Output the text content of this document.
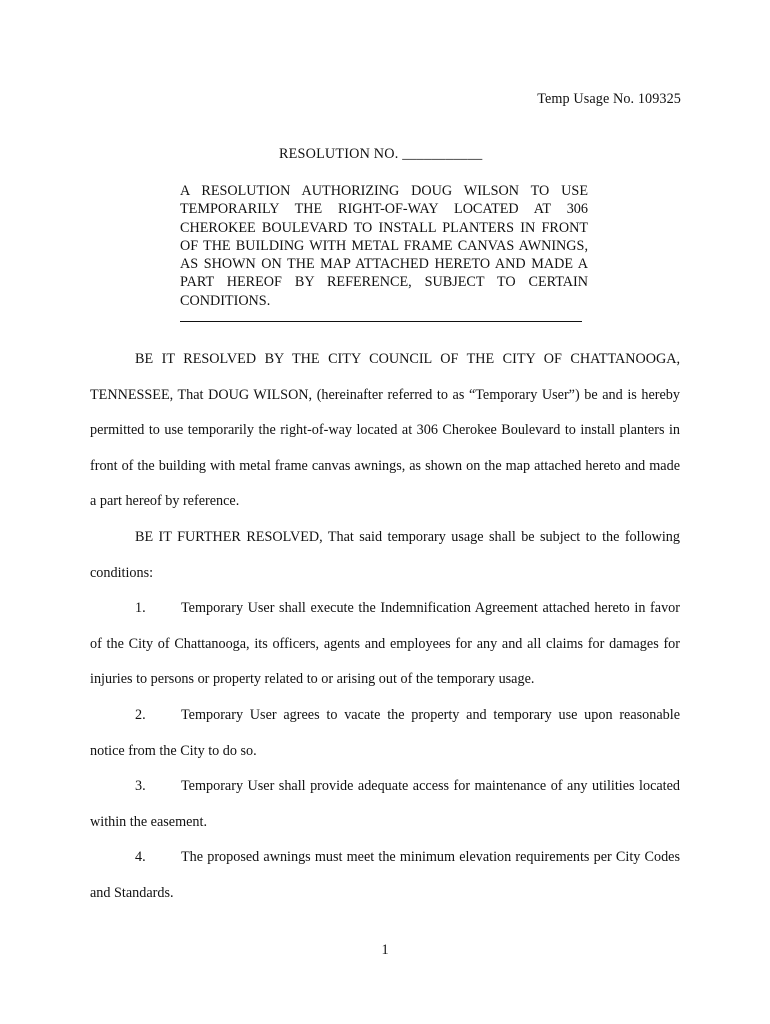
Temp Usage No. 109325
RESOLUTION NO. ___________
A RESOLUTION AUTHORIZING DOUG WILSON TO USE TEMPORARILY THE RIGHT-OF-WAY LOCATED AT 306 CHEROKEE BOULEVARD TO INSTALL PLANTERS IN FRONT OF THE BUILDING WITH METAL FRAME CANVAS AWNINGS, AS SHOWN ON THE MAP ATTACHED HERETO AND MADE A PART HEREOF BY REFERENCE, SUBJECT TO CERTAIN CONDITIONS.

BE IT RESOLVED BY THE CITY COUNCIL OF THE CITY OF CHATTANOOGA, TENNESSEE, That DOUG WILSON, (hereinafter referred to as “Temporary User”) be and is hereby permitted to use temporarily the right-of-way located at 306 Cherokee Boulevard to install planters in front of the building with metal frame canvas awnings, as shown on the map attached hereto and made a part hereof by reference.

BE IT FURTHER RESOLVED, That said temporary usage shall be subject to the following conditions:

1. Temporary User shall execute the Indemnification Agreement attached hereto in favor of the City of Chattanooga, its officers, agents and employees for any and all claims for damages for injuries to persons or property related to or arising out of the temporary usage.

2. Temporary User agrees to vacate the property and temporary use upon reasonable notice from the City to do so.

3. Temporary User shall provide adequate access for maintenance of any utilities located within the easement.

4. The proposed awnings must meet the minimum elevation requirements per City Codes and Standards.

1
